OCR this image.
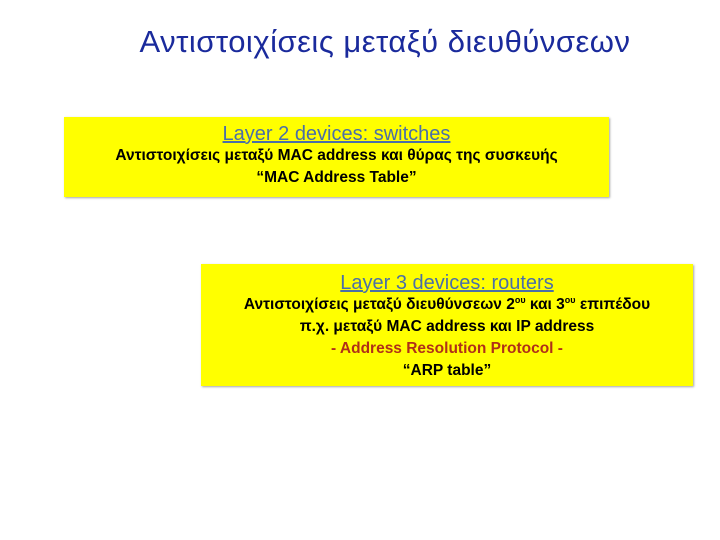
Αντιστοιχίσεις μεταξύ διευθύνσεων
Layer 2 devices: switches
Αντιστοιχίσεις μεταξύ MAC address και θύρας της συσκευής
“MAC Address Table”
Layer 3 devices: routers
Αντιστοιχίσεις μεταξύ διευθύνσεων $2^{o\upsilon}$ και $3^{o\upsilon}$ επιπέδου
π.χ. μεταξύ MAC address και IP address
- Address Resolution Protocol -
“ARP table”
